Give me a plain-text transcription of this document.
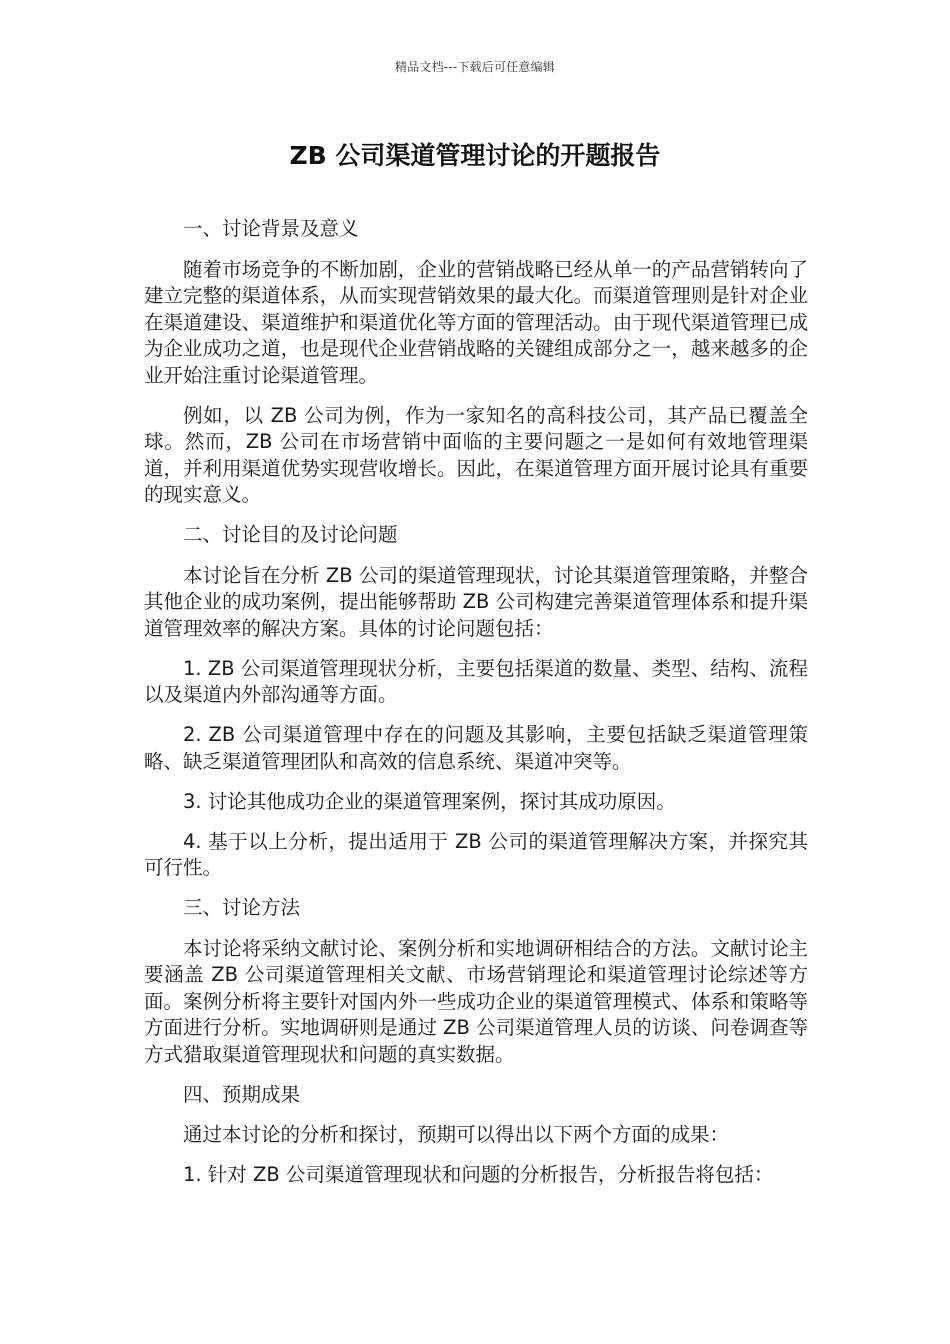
精品文档---下载后可任意编辑
ZB 公司渠道管理讨论的开题报告

一、讨论背景及意义

随着市场竞争的不断加剧，企业的营销战略已经从单一的产品营销转向了建立完整的渠道体系，从而实现营销效果的最大化。而渠道管理则是针对企业在渠道建设、渠道维护和渠道优化等方面的管理活动。由于现代渠道管理已成为企业成功之道，也是现代企业营销战略的关键组成部分之一，越来越多的企业开始注重讨论渠道管理。

例如，以 ZB 公司为例，作为一家知名的高科技公司，其产品已覆盖全球。然而，ZB 公司在市场营销中面临的主要问题之一是如何有效地管理渠道，并利用渠道优势实现营收增长。因此，在渠道管理方面开展讨论具有重要的现实意义。

二、讨论目的及讨论问题

本讨论旨在分析 ZB 公司的渠道管理现状，讨论其渠道管理策略，并整合其他企业的成功案例，提出能够帮助 ZB 公司构建完善渠道管理体系和提升渠道管理效率的解决方案。具体的讨论问题包括：

1. ZB 公司渠道管理现状分析，主要包括渠道的数量、类型、结构、流程以及渠道内外部沟通等方面。

2. ZB 公司渠道管理中存在的问题及其影响，主要包括缺乏渠道管理策略、缺乏渠道管理团队和高效的信息系统、渠道冲突等。

3. 讨论其他成功企业的渠道管理案例，探讨其成功原因。

4. 基于以上分析，提出适用于 ZB 公司的渠道管理解决方案，并探究其可行性。

三、讨论方法

本讨论将采纳文献讨论、案例分析和实地调研相结合的方法。文献讨论主要涵盖 ZB 公司渠道管理相关文献、市场营销理论和渠道管理讨论综述等方面。案例分析将主要针对国内外一些成功企业的渠道管理模式、体系和策略等方面进行分析。实地调研则是通过 ZB 公司渠道管理人员的访谈、问卷调查等方式猎取渠道管理现状和问题的真实数据。

四、预期成果

通过本讨论的分析和探讨，预期可以得出以下两个方面的成果：

1. 针对 ZB 公司渠道管理现状和问题的分析报告，分析报告将包括：
